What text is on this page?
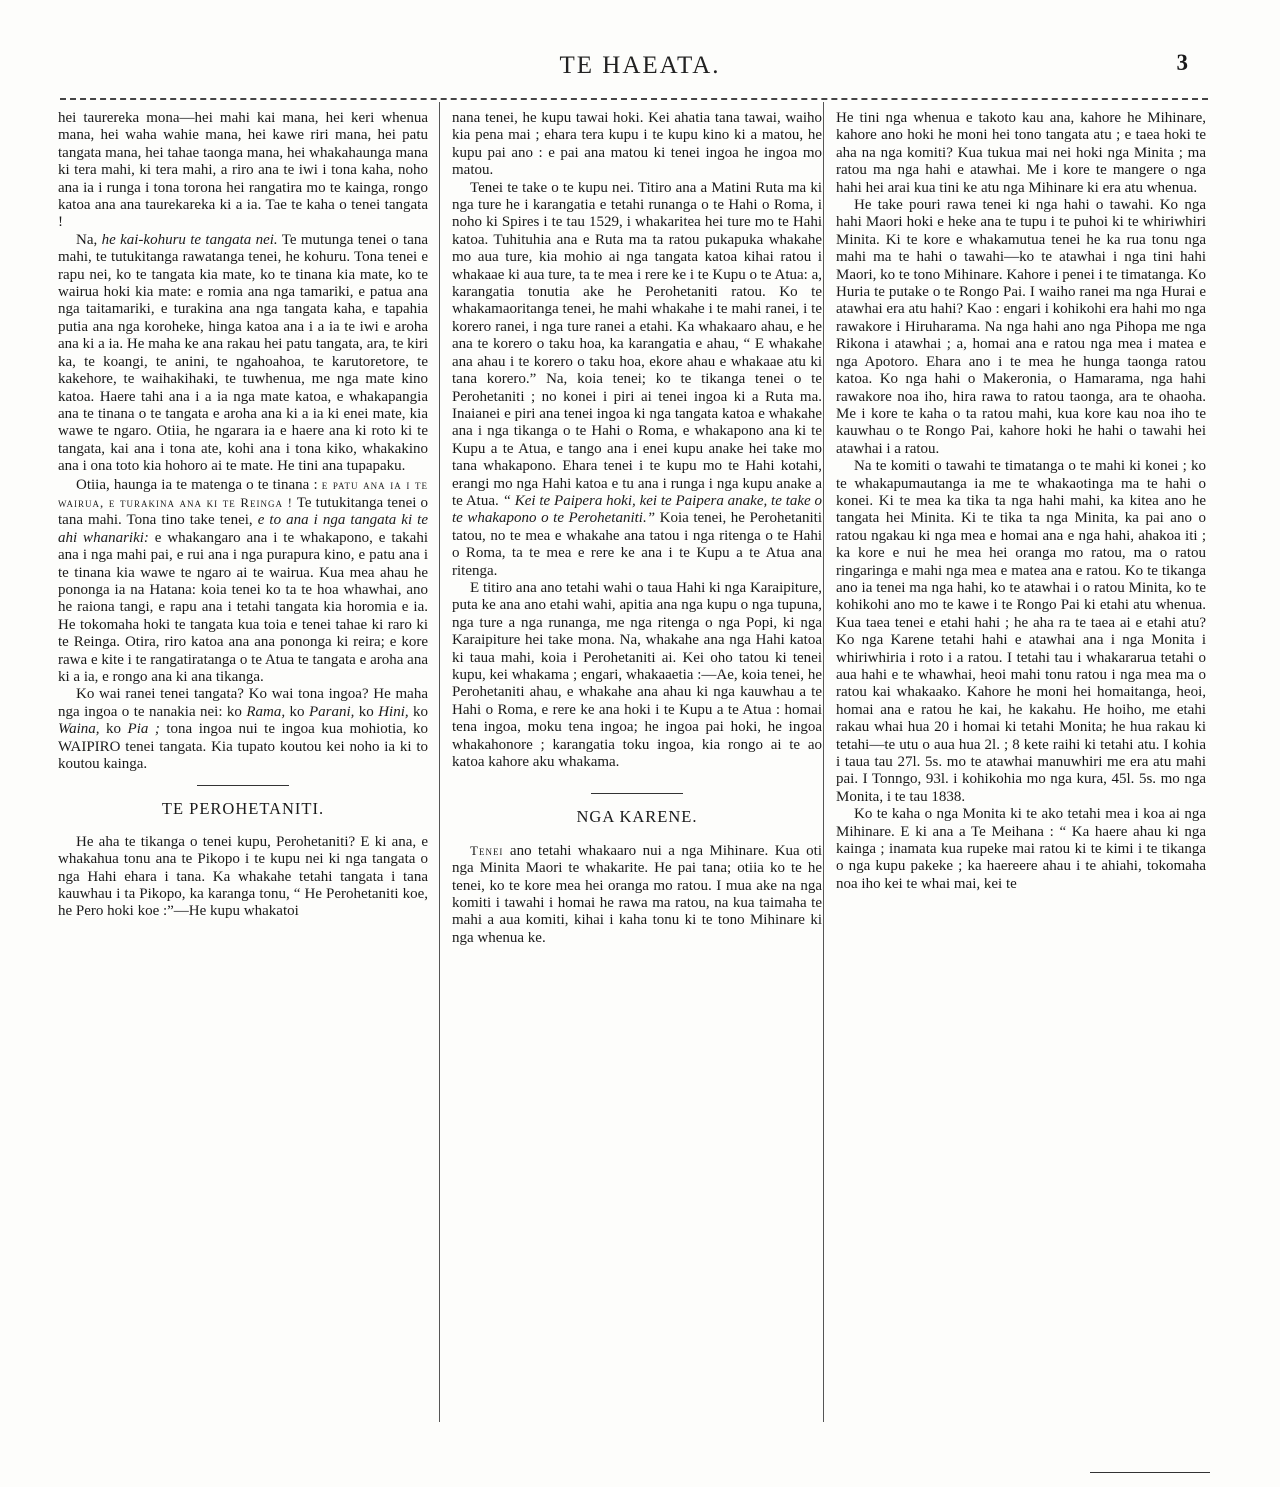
TE HAEATA.	3

hei taurereka mona—hei mahi kai mana, hei keri whenua mana, hei waha wahie mana, hei kawe riri mana, hei patu tangata mana, hei tahae taonga mana, hei whakahaunga mana ki tera mahi, ki tera mahi, a riro ana te iwi i tona kaha, noho ana ia i runga i tona torona hei rangatira mo te kainga, rongo katoa ana ana taurekareka ki a ia. Tae te kaha o tenei tangata !

Na, he kai-kohuru te tangata nei. Te mutunga tenei o tana mahi, te tutukitanga rawatanga tenei, he kohuru. Tona tenei e rapu nei, ko te tangata kia mate, ko te tinana kia mate, ko te wairua hoki kia mate: e romia ana nga tamariki, e patua ana nga taitamariki, e turakina ana nga tangata kaha, e tapahia putia ana nga koroheke, hinga katoa ana i a ia te iwi e aroha ana ki a ia. He maha ke ana rakau hei patu tangata, ara, te kiri ka, te koangi, te anini, te ngahoahoa, te karutoretore, te kakehore, te waihakihaki, te tuwhenua, me nga mate kino katoa. Haere tahi ana i a ia nga mate katoa, e whakapangia ana te tinana o te tangata e aroha ana ki a ia ki enei mate, kia wawe te ngaro. Otiia, he ngarara ia e haere ana ki roto ki te tangata, kai ana i tona ate, kohi ana i tona kiko, whakakino ana i ona toto kia hohoro ai te mate. He tini ana tupapaku.

Otiia, haunga ia te matenga o te tinana : e patu ana ia i te wairua, e turakina ana ki te Reinga ! Te tutukitanga tenei o tana mahi. Tona tino take tenei, e to ana i nga tangata ki te ahi whanariki: e whakangaro ana i te whakapono, e takahi ana i nga mahi pai, e rui ana i nga purapura kino, e patu ana i te tinana kia wawe te ngaro ai te wairua. Kua mea ahau he pononga ia na Hatana: koia tenei ko ta te hoa whawhai, ano he raiona tangi, e rapu ana i tetahi tangata kia horomia e ia. He tokomaha hoki te tangata kua toia e tenei tahae ki raro ki te Reinga. Otira, riro katoa ana ana pononga ki reira; e kore rawa e kite i te rangatiratanga o te Atua te tangata e aroha ana ki a ia, e rongo ana ki ana tikanga.

Ko wai ranei tenei tangata? Ko wai tona ingoa? He maha nga ingoa o te nanakia nei: ko Rama, ko Parani, ko Hini, ko Waina, ko Pia ; tona ingoa nui te ingoa kua mohiotia, ko WAIPIRO tenei tangata. Kia tupato koutou kei noho ia ki to koutou kainga.

TE PEROHETANITI.

He aha te tikanga o tenei kupu, Perohetaniti? E ki ana, e whakahua tonu ana te Pikopo i te kupu nei ki nga tangata o nga Hahi ehara i tana. Ka whakahe tetahi tangata i tana kauwhau i ta Pikopo, ka karanga tonu, “ He Perohetaniti koe, he Pero hoki koe :”—He kupu whakatoi

nana tenei, he kupu tawai hoki. Kei ahatia tana tawai, waiho kia pena mai ; ehara tera kupu i te kupu kino ki a matou, he kupu pai ano : e pai ana matou ki tenei ingoa he ingoa mo matou.

Tenei te take o te kupu nei. Titiro ana a Matini Ruta ma ki nga ture he i karangatia e tetahi runanga o te Hahi o Roma, i noho ki Spires i te tau 1529, i whakaritea hei ture mo te Hahi katoa. Tuhituhia ana e Ruta ma ta ratou pukapuka whakahe mo aua ture, kia mohio ai nga tangata katoa kihai ratou i whakaae ki aua ture, ta te mea i rere ke i te Kupu o te Atua: a, karangatia tonutia ake he Perohetaniti ratou. Ko te whakamaoritanga tenei, he mahi whakahe i te mahi ranei, i te korero ranei, i nga ture ranei a etahi. Ka whakaaro ahau, e he ana te korero o taku hoa, ka karangatia e ahau, “ E whakahe ana ahau i te korero o taku hoa, ekore ahau e whakaae atu ki tana korero.” Na, koia tenei; ko te tikanga tenei o te Perohetaniti ; no konei i piri ai tenei ingoa ki a Ruta ma. Inaianei e piri ana tenei ingoa ki nga tangata katoa e whakahe ana i nga tikanga o te Hahi o Roma, e whakapono ana ki te Kupu a te Atua, e tango ana i enei kupu anake hei take mo tana whakapono. Ehara tenei i te kupu mo te Hahi kotahi, erangi mo nga Hahi katoa e tu ana i runga i nga kupu anake a te Atua. “ Kei te Paipera hoki, kei te Paipera anake, te take o te whakapono o te Perohetaniti.” Koia tenei, he Perohetaniti tatou, no te mea e whakahe ana tatou i nga ritenga o te Hahi o Roma, ta te mea e rere ke ana i te Kupu a te Atua ana ritenga.

E titiro ana ano tetahi wahi o taua Hahi ki nga Karaipiture, puta ke ana ano etahi wahi, apitia ana nga kupu o nga tupuna, nga ture a nga runanga, me nga ritenga o nga Popi, ki nga Karaipiture hei take mona. Na, whakahe ana nga Hahi katoa ki taua mahi, koia i Perohetaniti ai. Kei oho tatou ki tenei kupu, kei whakama ; engari, whakaaetia :—Ae, koia tenei, he Perohetaniti ahau, e whakahe ana ahau ki nga kauwhau a te Hahi o Roma, e rere ke ana hoki i te Kupu a te Atua : homai tena ingoa, moku tena ingoa; he ingoa pai hoki, he ingoa whakahonore ; karangatia toku ingoa, kia rongo ai te ao katoa kahore aku whakama.

NGA KARENE.

Tenei ano tetahi whakaaro nui a nga Mihinare. Kua oti nga Minita Maori te whakarite. He pai tana; otiia ko te he tenei, ko te kore mea hei oranga mo ratou. I mua ake na nga komiti i tawahi i homai he rawa ma ratou, na kua taimaha te mahi a aua komiti, kihai i kaha tonu ki te tono Mihinare ki nga whenua ke.

He tini nga whenua e takoto kau ana, kahore he Mihinare, kahore ano hoki he moni hei tono tangata atu ; e taea hoki te aha na nga komiti? Kua tukua mai nei hoki nga Minita ; ma ratou ma nga hahi e atawhai. Me i kore te mangere o nga hahi hei arai kua tini ke atu nga Mihinare ki era atu whenua.

He take pouri rawa tenei ki nga hahi o tawahi. Ko nga hahi Maori hoki e heke ana te tupu i te puhoi ki te whiriwhiri Minita. Ki te kore e whakamutua tenei he ka rua tonu nga mahi ma te hahi o tawahi—ko te atawhai i nga tini hahi Maori, ko te tono Mihinare. Kahore i penei i te timatanga. Ko Huria te putake o te Rongo Pai. I waiho ranei ma nga Hurai e atawhai era atu hahi? Kao : engari i kohikohi era hahi mo nga rawakore i Hiruharama. Na nga hahi ano nga Pihopa me nga Rikona i atawhai ; a, homai ana e ratou nga mea i matea e nga Apotoro. Ehara ano i te mea he hunga taonga ratou katoa. Ko nga hahi o Makeronia, o Hamarama, nga hahi rawakore noa iho, hira rawa to ratou taonga, ara te ohaoha. Me i kore te kaha o ta ratou mahi, kua kore kau noa iho te kauwhau o te Rongo Pai, kahore hoki he hahi o tawahi hei atawhai i a ratou.

Na te komiti o tawahi te timatanga o te mahi ki konei ; ko te whakapumautanga ia me te whakaotinga ma te hahi o konei. Ki te mea ka tika ta nga hahi mahi, ka kitea ano he tangata hei Minita. Ki te tika ta nga Minita, ka pai ano o ratou ngakau ki nga mea e homai ana e nga hahi, ahakoa iti ; ka kore e nui he mea hei oranga mo ratou, ma o ratou ringaringa e mahi nga mea e matea ana e ratou. Ko te tikanga ano ia tenei ma nga hahi, ko te atawhai i o ratou Minita, ko te kohikohi ano mo te kawe i te Rongo Pai ki etahi atu whenua. Kua taea tenei e etahi hahi ; he aha ra te taea ai e etahi atu? Ko nga Karene tetahi hahi e atawhai ana i nga Monita i whiriwhiria i roto i a ratou. I tetahi tau i whakararua tetahi o aua hahi e te whawhai, heoi mahi tonu ratou i nga mea ma o ratou kai whakaako. Kahore he moni hei homaitanga, heoi, homai ana e ratou he kai, he kakahu. He hoiho, me etahi rakau whai hua 20 i homai ki tetahi Monita; he hua rakau ki tetahi—te utu o aua hua 2l. ; 8 kete raihi ki tetahi atu. I kohia i taua tau 27l. 5s. mo te atawhai manuwhiri me era atu mahi pai. I Tonngo, 93l. i kohikohia mo nga kura, 45l. 5s. mo nga Monita, i te tau 1838.

Ko te kaha o nga Monita ki te ako tetahi mea i koa ai nga Mihinare. E ki ana a Te Meihana : “ Ka haere ahau ki nga kainga ; inamata kua rupeke mai ratou ki te kimi i te tikanga o nga kupu pakeke ; ka haereere ahau i te ahiahi, tokomaha noa iho kei te whai mai, kei te
